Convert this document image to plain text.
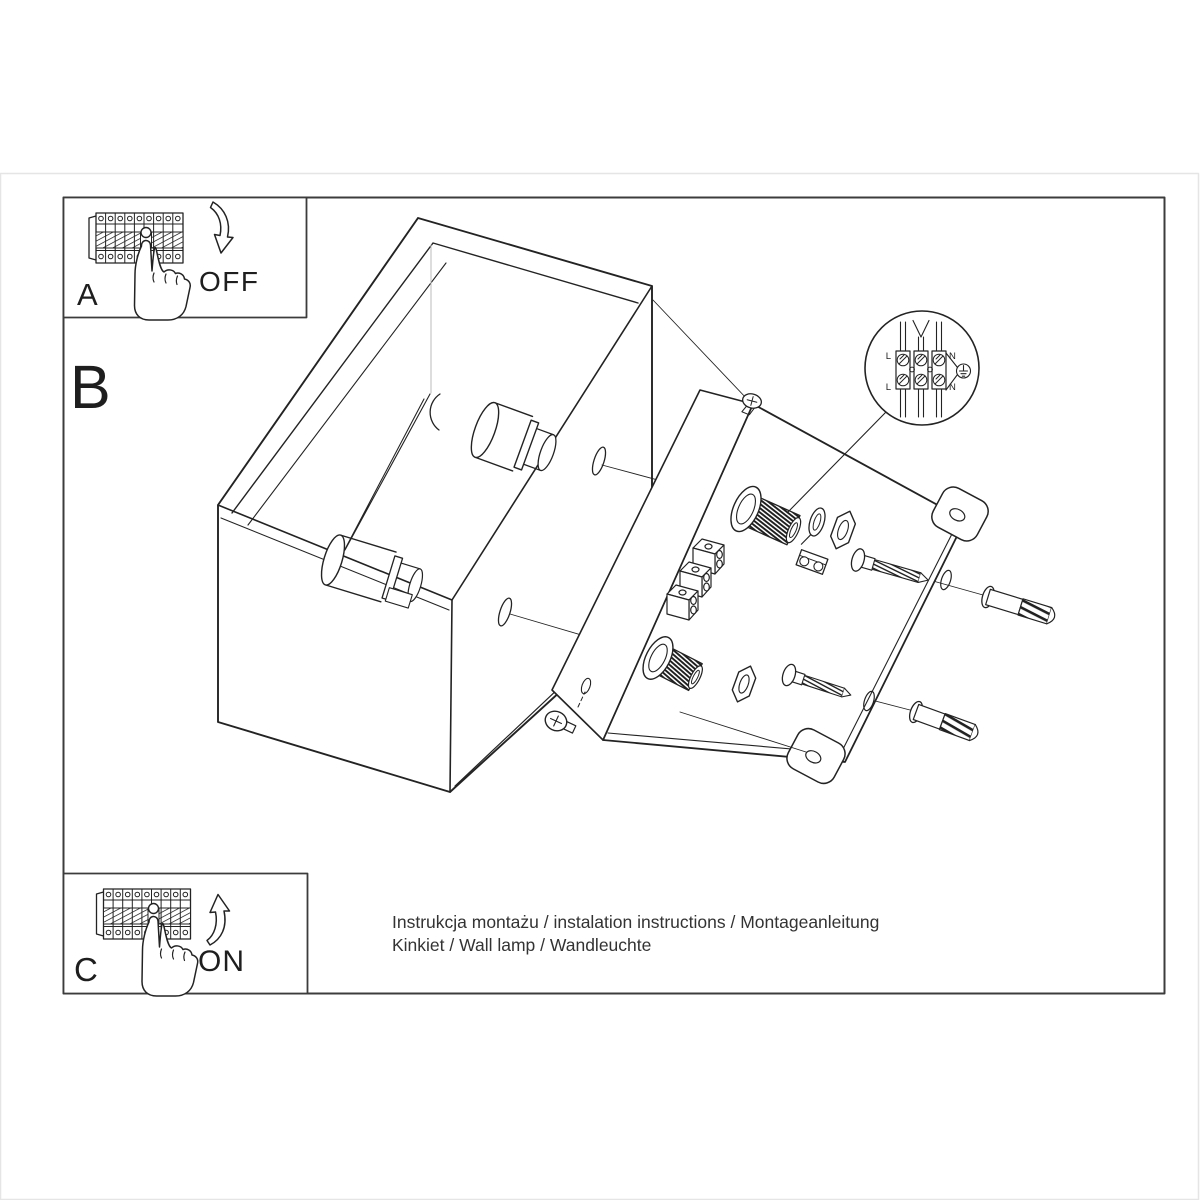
L	N
L	N
A	OFF
C	ON
B
Instrukcja montażu / instalation instructions / Montageanleitung
Kinkiet / Wall lamp / Wandleuchte
